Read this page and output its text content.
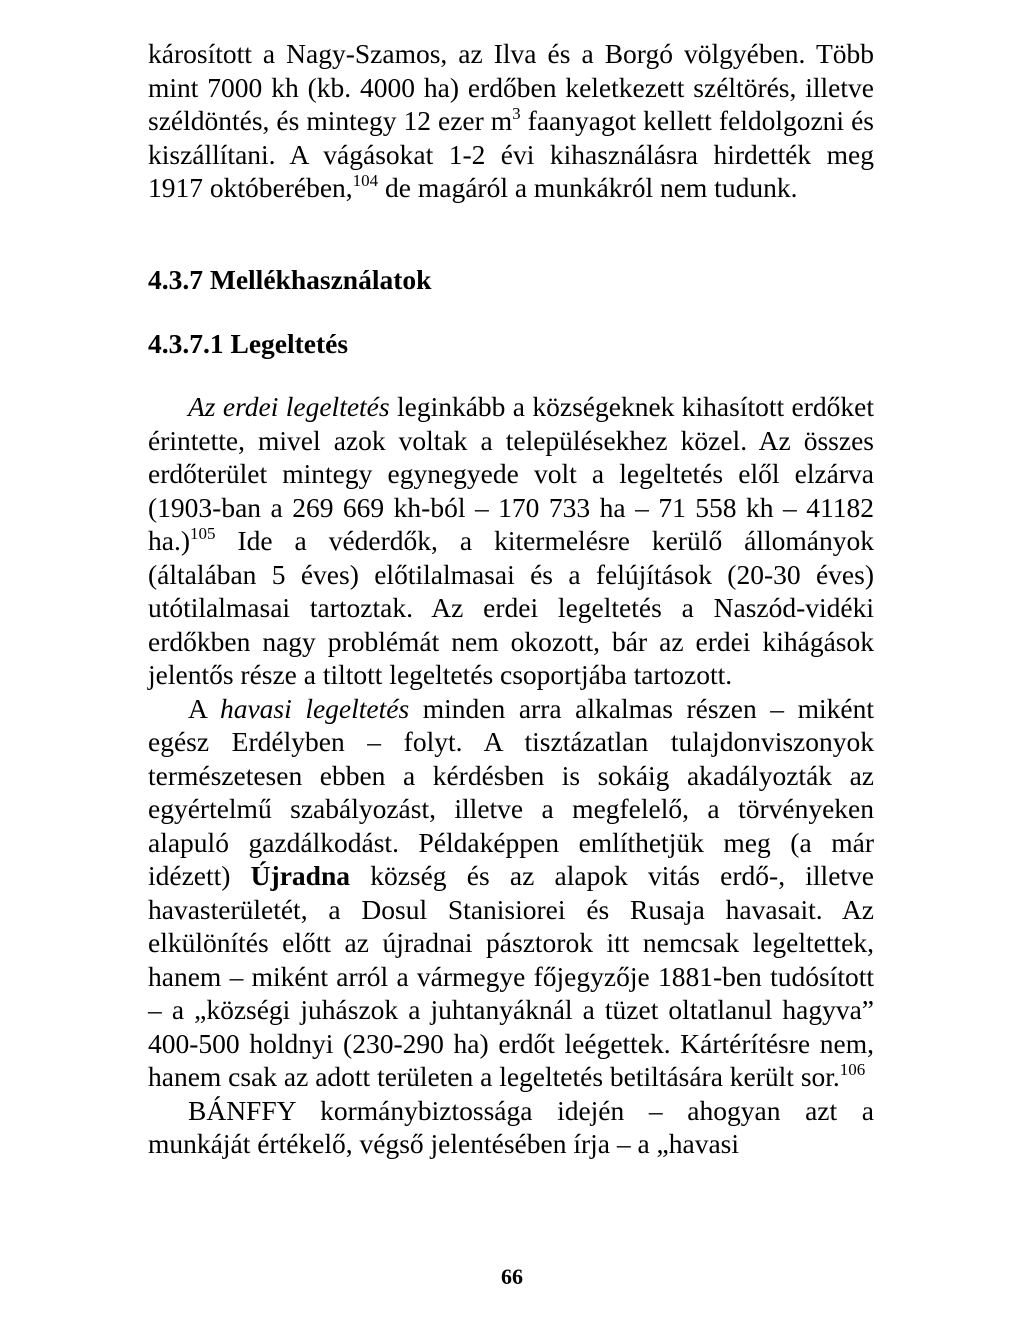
károsított a Nagy-Szamos, az Ilva és a Borgó völgyében. Több mint 7000 kh (kb. 4000 ha) erdőben keletkezett széltörés, illetve széldöntés, és mintegy 12 ezer $m^3$ faanyagot kellett feldolgozni és kiszállítani. A vágásokat 1-2 évi kihasználásra hirdették meg 1917 októberében,$^{104}$ de magáról a munkákról nem tudunk.

4.3.7 Mellékhasználatok
4.3.7.1 Legeltetés

Az erdei legeltetés leginkább a községeknek kihasított erdőket érintette, mivel azok voltak a településekhez közel. Az összes erdőterület mintegy egynegyede volt a legeltetés elől elzárva (1903-ban a 269 669 kh-ból – 170 733 ha – 71 558 kh – 41182 ha.)$^{105}$ Ide a véderdők, a kitermelésre kerülő állományok (általában 5 éves) előtilalmasai és a felújítások (20-30 éves) utótilalmasai tartoztak. Az erdei legeltetés a Naszód-vidéki erdőkben nagy problémát nem okozott, bár az erdei kihágások jelentős része a tiltott legeltetés csoportjába tartozott.

A havasi legeltetés minden arra alkalmas részen – miként egész Erdélyben – folyt. A tisztázatlan tulajdonviszonyok természetesen ebben a kérdésben is sokáig akadályozták az egyértelmű szabályozást, illetve a megfelelő, a törvényeken alapuló gazdálkodást. Példaképpen említhetjük meg (a már idézett) Újradna község és az alapok vitás erdő-, illetve havasterületét, a Dosul Stanisiorei és Rusaja havasait. Az elkülönítés előtt az újradnai pásztorok itt nemcsak legeltettek, hanem – miként arról a vármegye főjegyzője 1881-ben tudósított – a „községi juhászok a juhtanyáknál a tüzet oltatlanul hagyva” 400-500 holdnyi (230-290 ha) erdőt leégettek. Kártérítésre nem, hanem csak az adott területen a legeltetés betiltására került sor.$^{106}$

BÁNFFY kormánybiztossága idején – ahogyan azt a munkáját értékelő, végső jelentésében írja – a „havasi

66
